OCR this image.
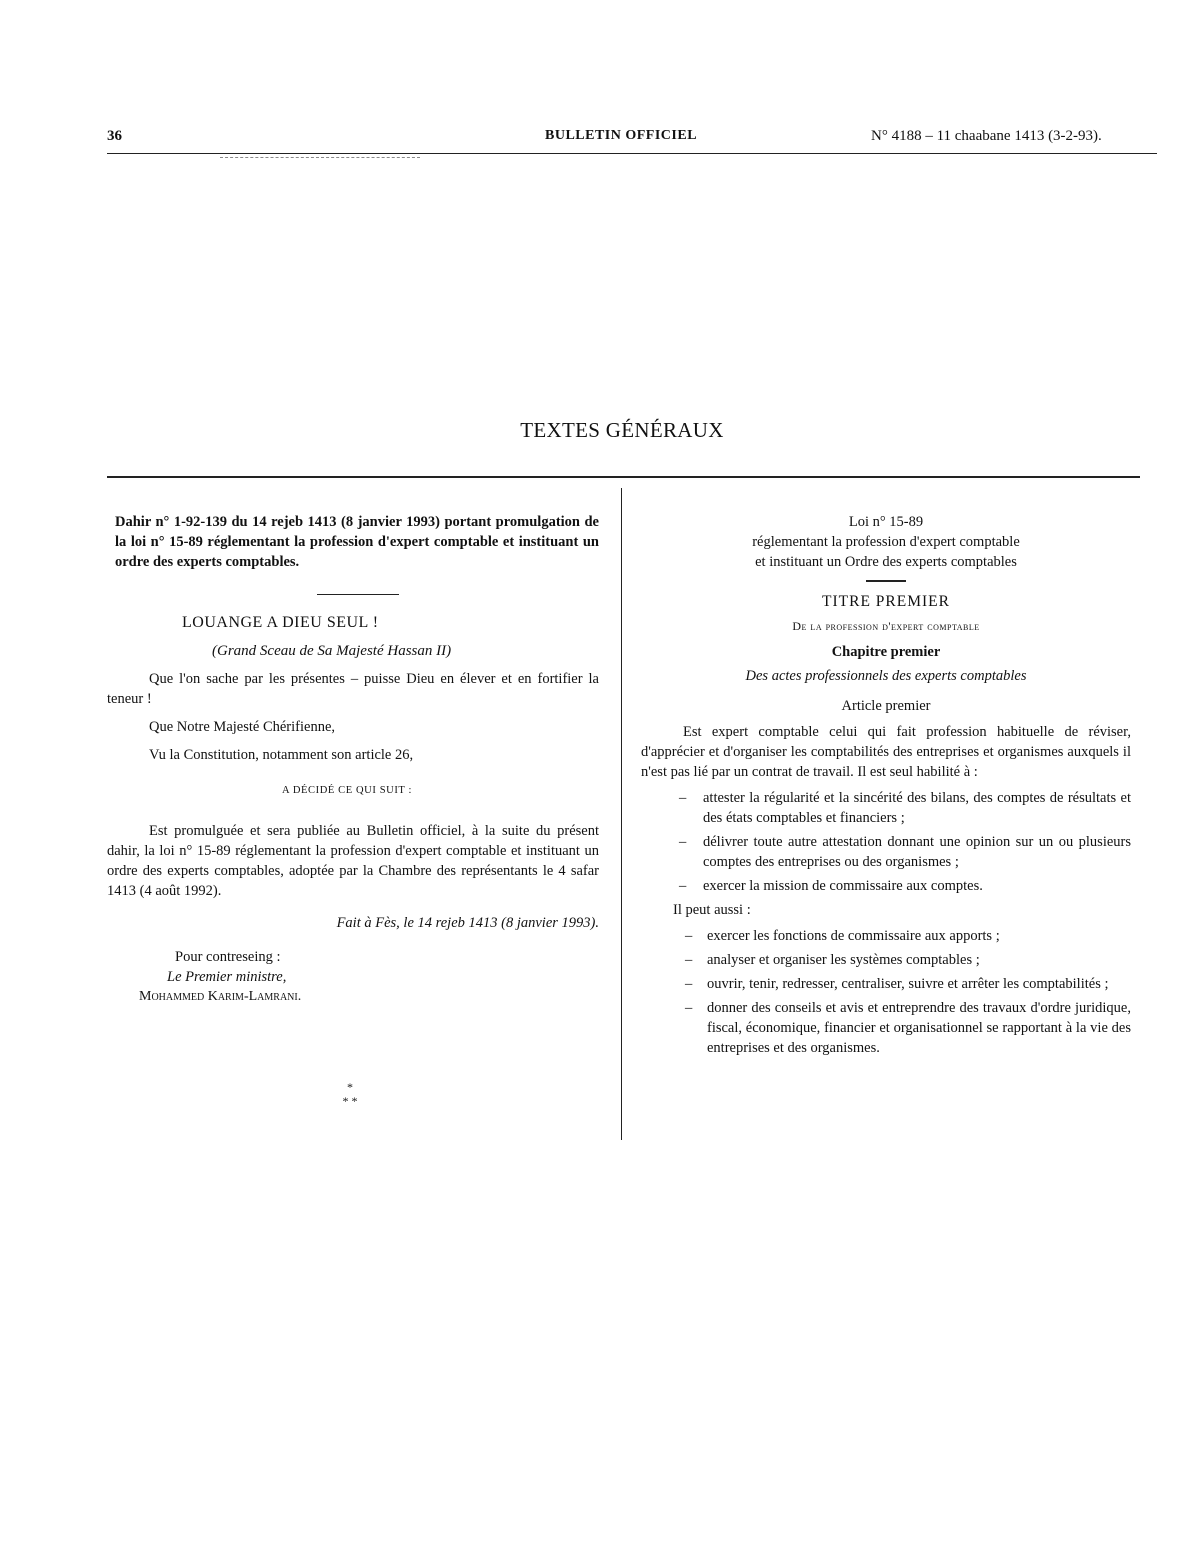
36	BULLETIN OFFICIEL	N° 4188 – 11 chaabane 1413 (3-2-93).
TEXTES GÉNÉRAUX
Dahir n° 1-92-139 du 14 rejeb 1413 (8 janvier 1993) portant promulgation de la loi n° 15-89 réglementant la profession d'expert comptable et instituant un ordre des experts comptables.
LOUANGE A DIEU SEUL !
(Grand Sceau de Sa Majesté Hassan II)
Que l'on sache par les présentes – puisse Dieu en élever et en fortifier la teneur !
Que Notre Majesté Chérifienne,
Vu la Constitution, notamment son article 26,
A DÉCIDÉ CE QUI SUIT :
Est promulguée et sera publiée au Bulletin officiel, à la suite du présent dahir, la loi n° 15-89 réglementant la profession d'expert comptable et instituant un ordre des experts comptables, adoptée par la Chambre des représentants le 4 safar 1413 (4 août 1992).
Fait à Fès, le 14 rejeb 1413 (8 janvier 1993).
Pour contreseing :
Le Premier ministre,
Mohammed Karim-Lamrani.
*
* *
Loi n° 15-89
réglementant la profession d'expert comptable
et instituant un Ordre des experts comptables
TITRE PREMIER
De la profession d'expert comptable
Chapitre premier
Des actes professionnels des experts comptables
Article premier
Est expert comptable celui qui fait profession habituelle de réviser, d'apprécier et d'organiser les comptabilités des entreprises et organismes auxquels il n'est pas lié par un contrat de travail. Il est seul habilité à :
– attester la régularité et la sincérité des bilans, des comptes de résultats et des états comptables et financiers ;
– délivrer toute autre attestation donnant une opinion sur un ou plusieurs comptes des entreprises ou des organismes ;
– exercer la mission de commissaire aux comptes.
Il peut aussi :
– exercer les fonctions de commissaire aux apports ;
– analyser et organiser les systèmes comptables ;
– ouvrir, tenir, redresser, centraliser, suivre et arrêter les comptabilités ;
– donner des conseils et avis et entreprendre des travaux d'ordre juridique, fiscal, économique, financier et organisationnel se rapportant à la vie des entreprises et des organismes.
